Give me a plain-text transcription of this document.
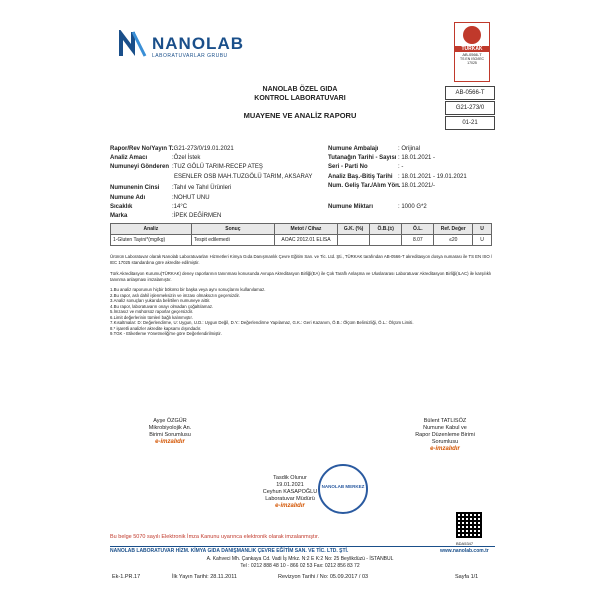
NANOLAB
LABORATUVARLAR GRUBU
TÜRKAK
AB-0566-T
TS EN ISO/IEC 17025
NANOLAB ÖZEL GIDA
KONTROL LABORATUVARI
MUAYENE VE ANALİZ RAPORU
AB-0566-T
G21-273/0
01-21
Rapor/Rev No/Yayın T.:G21-273/0/19.01.2021
Analiz Amacı	:Özel İstek
Numuneyi Gönderen :TUZ GÖLÜ TARIM-RECEP ATEŞ
ESENLER OSB MAH.TUZGÖLÜ TARIM, AKSARAY
Numunenin Cinsi :Tahıl ve Tahıl Ürünleri
Numune Adı	:NOHUT UNU
Sıcaklık	:14°C
Marka	:İPEK DEĞİRMEN
Numune Ambalajı	: Orijinal
Tutanağın Tarihi - Sayısı : 18.01.2021 -
Seri - Parti No	: -
Analiz Baş.-Bitiş Tarihi : 18.01.2021 - 19.01.2021
Num. Geliş Tar./Alım Yön.: 18.01.2021/-
Numune Miktarı	: 1000 G*2
Analiz	Sonuç	Metot / Cihaz	G.K. (%)	Ö.B.(±)	Ö.L.	Ref. Değer	U
1-Gluten Tayini*(mg/kg)	Tespit edilemedi	AOAC 2012.01 ELISA			8.07	≤20	U
Ürünün Laboratuvar olarak Nanolab Laboratuvarları Hizmetleri Kimya Gıda Danışmanlık Çevre Eğitim San. ve Tic. Ltd. Şti., TÜRKAK tarafından AB-0566-T akreditasyon dosya numarası ile TS EN ISO / IEC 17025 standardına göre akredite edilmiştir.
Türk Akreditasyon Kurumu(TÜRKAK) deney raporlarının tanınması konusunda Avrupa Akreditasyon Birliği(EA) ile Çok Taraflı Anlaşma ve Uluslararası Laboratuvar Akreditasyon Birliği(ILAC) ile karşılıklı tanınma anlaşması imzalamıştır.
1.Bu analiz raporunun hiçbir bölümü bir başka veya aynı sonuçlarını kullanılamaz.
2.Bu rapor, aslı dahil işlenmeksizin ve imzası olmaksızın geçersizdir.
3.Analiz sonuçları yukarıda belirtilen numuneye aittir.
4.Bu rapor, laboratuvarın onayı olmadan çoğaltılamaz.
5.İmzasız ve mühürsüz raporlar geçersizdir.
6.Limit değerlerinin tümleri bağlı kalınmıştır.
7.Kısaltmalar: D: Değerlendirme, U: Uygun, U.D.: Uygun Değil, D.Y.: Değerlendirme Yapılamaz, G.K.: Geri Kazanım, Ö.B.: Ölçüm Belirsizliği, Ö.L.: Ölçüm Limiti.
8.* işaretli analizler akredite kapsamı dışındadır.
9.TGK - Etiketleme Yönetmeliği'ne göre Değerlendirilmiştir.
Ayşe ÖZGÜR
Mikrobiyolojik An.
Birimi Sorumlusu
e-imzalıdır
Bülent TATLISÖZ
Numune Kabul ve
Rapor Düzenleme Birimi
Sorumlusu
e-imzalıdır
Tasdik Olunur
19.01.2021
Ceyhun KASAPOĞLU
Laboratuvar Müdürü
e-imzalıdır
NANOLAB MERKEZ
BDA5347
Bu belge 5070 sayılı Elektronik İmza Kanunu uyarınca elektronik olarak imzalanmıştır.
NANOLAB LABORATUVAR HİZM. KİMYA GIDA DANIŞMANLIK ÇEVRE EĞİTİM SAN. VE TİC. LTD. ŞTİ.	www.nanolab.com.tr
A. Kahveci Mh. Çankaya Cd. Vadi İş Mrkz. N:2 E K:2 No: 25 Beylikdüzü - İSTANBUL
Tel : 0212 888 48 10 - 866 02 53 Fax: 0212 856 83 72
Ek-1.PR.17	İlk Yayın Tarihi: 28.11.2011	Revizyon Tarihi / No: 05.09.2017 / 03	Sayfa 1/1
